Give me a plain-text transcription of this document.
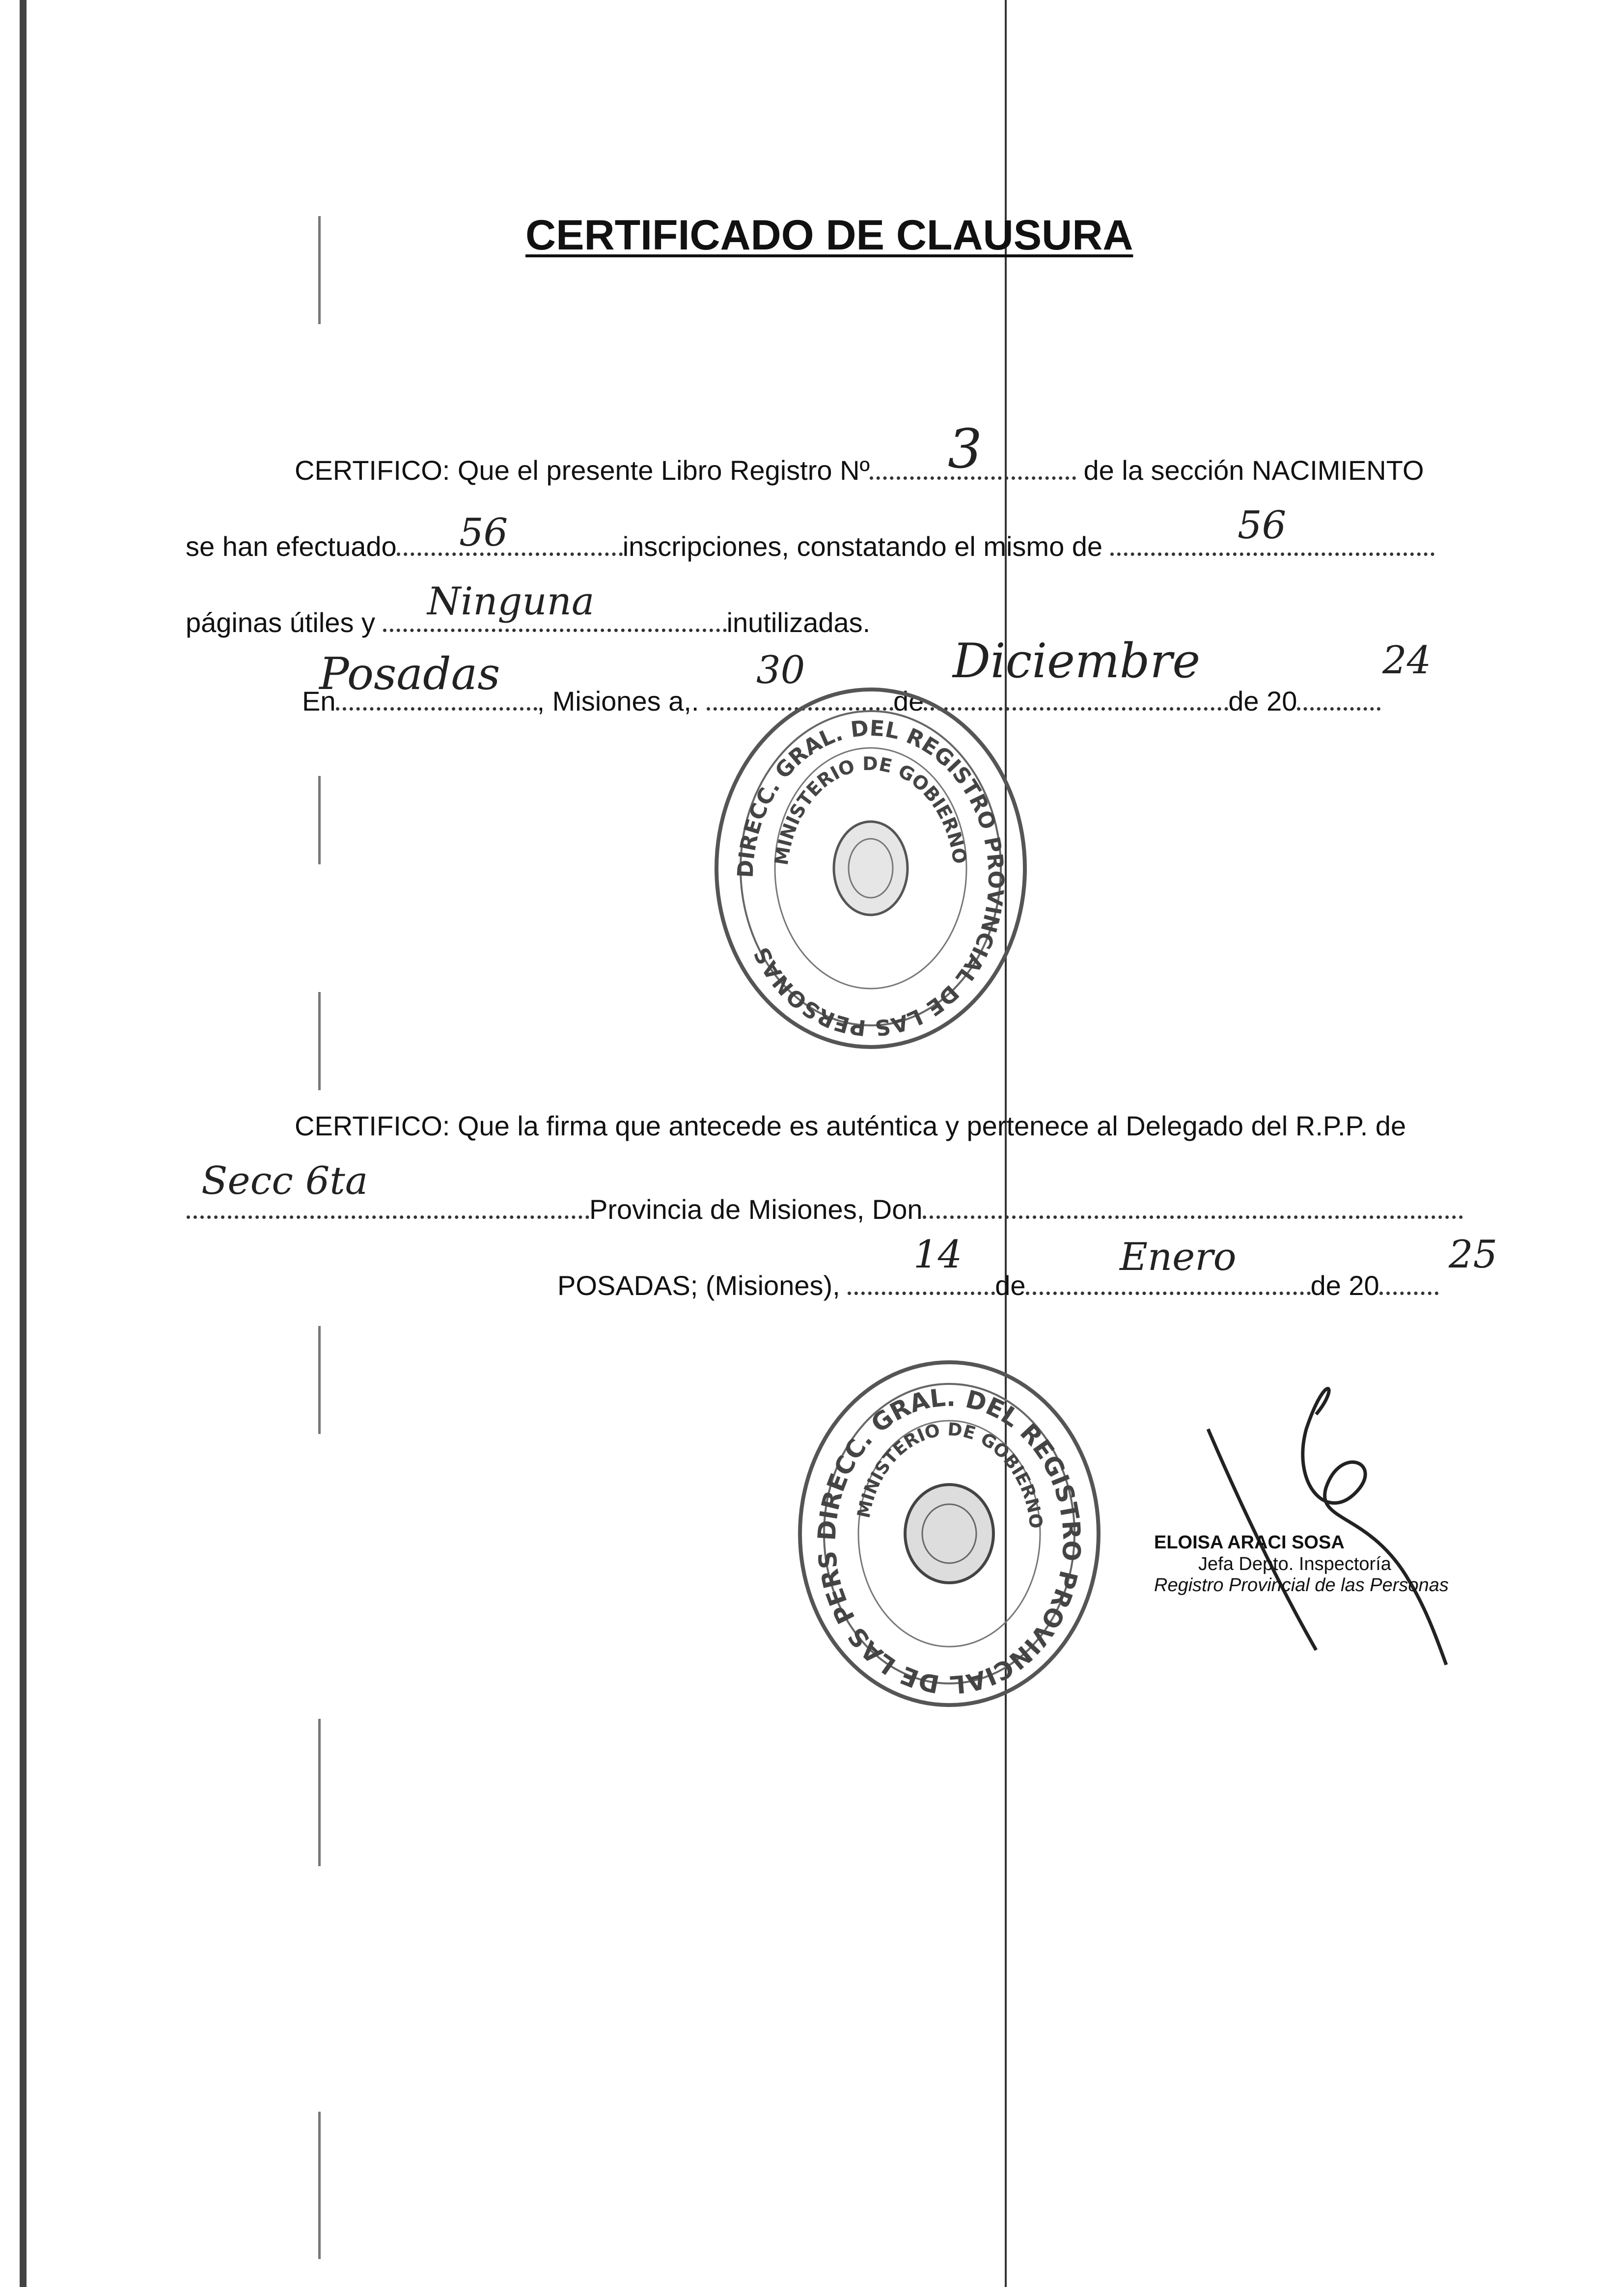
CERTIFICADO DE CLAUSURA
CERTIFICO: Que el presente Libro Registro Nº	de la sección NACIMIENTO
3
se han efectuado	inscripciones, constatando el mismo de
56	56
páginas útiles y	inutilizadas.
Ninguna
En	, Misiones a,.	de	de 20
Posadas	30	Diciembre	24
DIRECC. GRAL. DEL REGISTRO PROVINCIAL DE LAS PERSONAS
MINISTERIO DE GOBIERNO
CERTIFICO: Que la firma que antecede es auténtica y pertenece al Delegado del R.P.P. de
Provincia de Misiones, Don
Secc 6ta
POSADAS; (Misiones),	de	de 20
14	Enero	25
DIRECC. GRAL. DEL REGISTRO PROVINCIAL DE LAS PERS
MINISTERIO DE GOBIERNO
ELOISA ARACI SOSA
Jefa Depto. Inspectoría
Registro Provincial de las Personas
